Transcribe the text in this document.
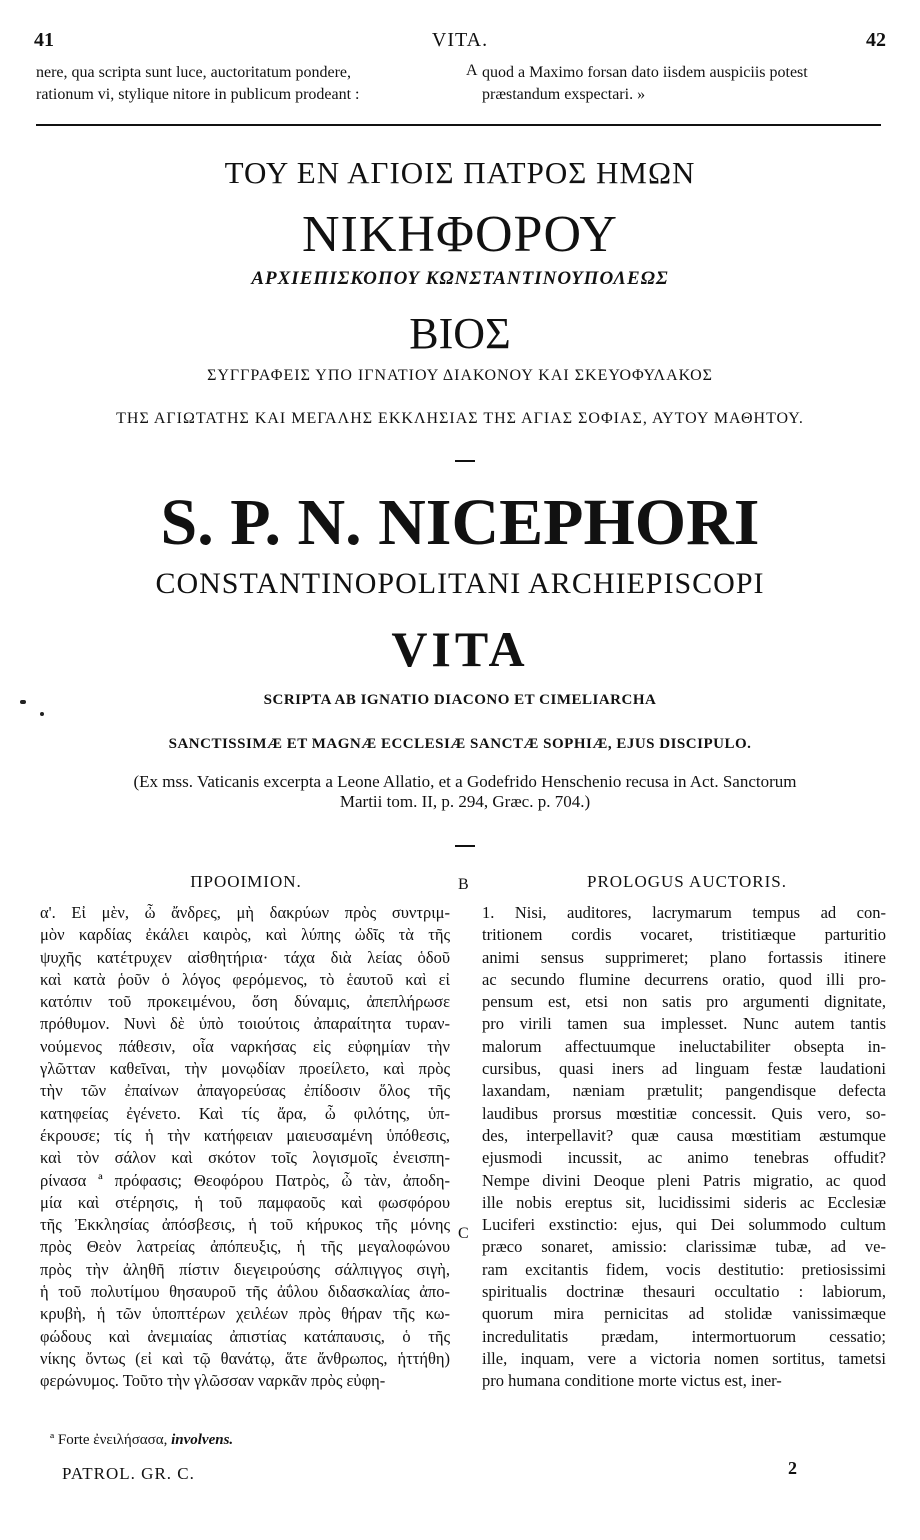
41	VITA.	42
nere, qua scripta sunt luce, auctoritatum pondere,
rationum vi, stylique nitore in publicum prodeant :
A quod a Maximo forsan dato iisdem auspiciis potest
præstandum exspectari. »
ΤΟΥ ΕΝ ΑΓΙΟΙΣ ΠΑΤΡΟΣ ΗΜΩΝ
ΝΙΚΗΦΟΡΟΥ
ΑΡΧΙΕΠΙΣΚΟΠΟΥ ΚΩΝΣΤΑΝΤΙΝΟΥΠΟΛΕΩΣ
ΒΙΟΣ
ΣΥΓΓΡΑΦΕΙΣ ΥΠΟ ΙΓΝΑΤΙΟΥ ΔΙΑΚΟΝΟΥ ΚΑΙ ΣΚΕΥΟΦΥΛΑΚΟΣ
ΤΗΣ ΑΓΙΩΤΑΤΗΣ ΚΑΙ ΜΕΓΑΛΗΣ ΕΚΚΛΗΣΙΑΣ ΤΗΣ ΑΓΙΑΣ ΣΟΦΙΑΣ, ΑΥΤΟΥ ΜΑΘΗΤΟΥ.
S. P. N. NICEPHORI
CONSTANTINOPOLITANI ARCHIEPISCOPI
VITA
SCRIPTA AB IGNATIO DIACONO ET CIMELIARCHA
SANCTISSIMÆ ET MAGNÆ ECCLESIÆ SANCTÆ SOPHIÆ, EJUS DISCIPULO.
(Ex mss. Vaticanis excerpta a Leone Allatio, et a Godefrido Henschenio recusa in Act. Sanctorum
Martii tom. II, p. 294, Græc. p. 704.)
ΠΡΟΟΙΜΙΟΝ.	B	PROLOGUS AUCTORIS.
C
α'. Εἰ μὲν, ὦ ἄνδρες, μὴ δακρύων πρὸς συντριμ-
μὸν καρδίας ἐκάλει καιρὸς, καὶ λύπης ὠδῖς τὰ τῆς
ψυχῆς κατέτρυχεν αἰσθητήρια· τάχα διὰ λείας ὁδοῦ
καὶ κατὰ ῥοῦν ὁ λόγος φερόμενος, τὸ ἑαυτοῦ καὶ εἰ
κατόπιν τοῦ προκειμένου, ὅση δύναμις, ἀπεπλήρωσε
πρόθυμον. Νυνὶ δὲ ὑπὸ τοιούτοις ἀπαραίτητα τυραν-
νούμενος πάθεσιν, οἷα ναρκήσας εἰς εὐφημίαν τὴν
γλῶτταν καθεῖναι, τὴν μονῳδίαν προείλετο, καὶ πρὸς
τὴν τῶν ἐπαίνων ἀπαγορεύσας ἐπίδοσιν ὅλος τῆς
κατηφείας ἐγένετο. Καὶ τίς ἄρα, ὦ φιλότης, ὑπ-
έκρουσε; τίς ἡ τὴν κατήφειαν μαιευσαμένη ὑπόθεσις,
καὶ τὸν σάλον καὶ σκότον τοῖς λογισμοῖς ἐνεισπη-
ρίνασα ª πρόφασις; Θεοφόρου Πατρὸς, ὦ τὰν, ἀποδη-
μία καὶ στέρησις, ἡ τοῦ παμφαοῦς καὶ φωσφόρου
τῆς Ἐκκλησίας ἀπόσβεσις, ἡ τοῦ κήρυκος τῆς μόνης
πρὸς Θεὸν λατρείας ἀπόπευξις, ἡ τῆς μεγαλοφώνου
πρὸς τὴν ἀληθῆ πίστιν διεγειρούσης σάλπιγγος σιγὴ,
ἡ τοῦ πολυτίμου θησαυροῦ τῆς ἀΰλου διδασκαλίας ἀπο-
κρυβὴ, ἡ τῶν ὑποπτέρων χειλέων πρὸς θήραν τῆς κω-
φώδους καὶ ἀνεμιαίας ἀπιστίας κατάπαυσις, ὁ τῆς
νίκης ὄντως (εἰ καὶ τῷ θανάτῳ, ἅτε ἄνθρωπος, ἡττήθη)
φερώνυμος. Τοῦτο τὴν γλῶσσαν ναρκᾶν πρὸς εὐφη-
1. Nisi, auditores, lacrymarum tempus ad con-
tritionem cordis vocaret, tristitiæque parturitio
animi sensus supprimeret; plano fortassis itinere
ac secundo flumine decurrens oratio, quod illi pro-
pensum est, etsi non satis pro argumenti dignitate,
pro virili tamen sua implesset. Nunc autem tantis
malorum affectuumque ineluctabiliter obsepta in-
cursibus, quasi iners ad linguam festæ laudationi
laxandam, næniam prætulit; pangendisque defecta
laudibus prorsus mœstitiæ concessit. Quis vero, so-
des, interpellavit? quæ causa mœstitiam æstumque
ejusmodi incussit, ac animo tenebras offudit?
Nempe divini Deoque pleni Patris migratio, ac quod
ille nobis ereptus sit, lucidissimi sideris ac Ecclesiæ
Luciferi exstinctio: ejus, qui Dei solummodo cultum
præco sonaret, amissio: clarissimæ tubæ, ad ve-
ram excitantis fidem, vocis destitutio: pretiosissimi
spiritualis doctrinæ thesauri occultatio : labiorum,
quorum mira pernicitas ad stolidæ vanissimæque
incredulitatis prædam, intermortuorum cessatio;
ille, inquam, vere a victoria nomen sortitus, tametsi
pro humana conditione morte victus est, iner-
ª Forte ἐνειλήσασα, involvens.
PATROL. GR. C.	2
